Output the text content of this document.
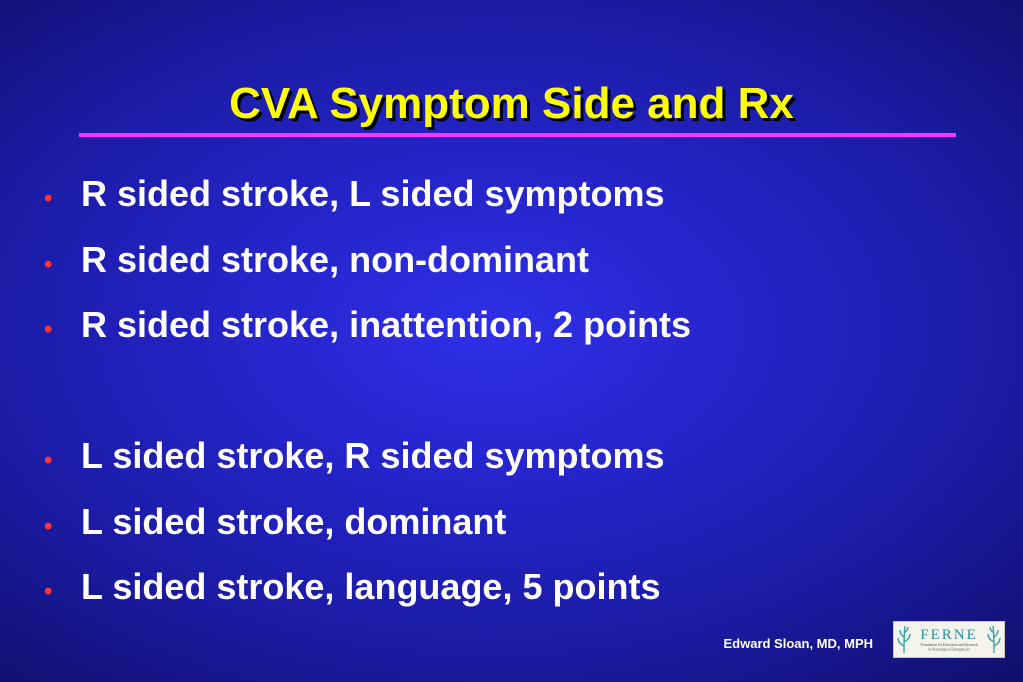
CVA Symptom Side and Rx
• R sided stroke, L sided symptoms
• R sided stroke, non-dominant
• R sided stroke, inattention, 2 points
• L sided stroke, R sided symptoms
• L sided stroke, dominant
• L sided stroke, language, 5 points
Edward Sloan, MD, MPH
FERNE
Foundation for Education and Research
in Neurological Emergencies
